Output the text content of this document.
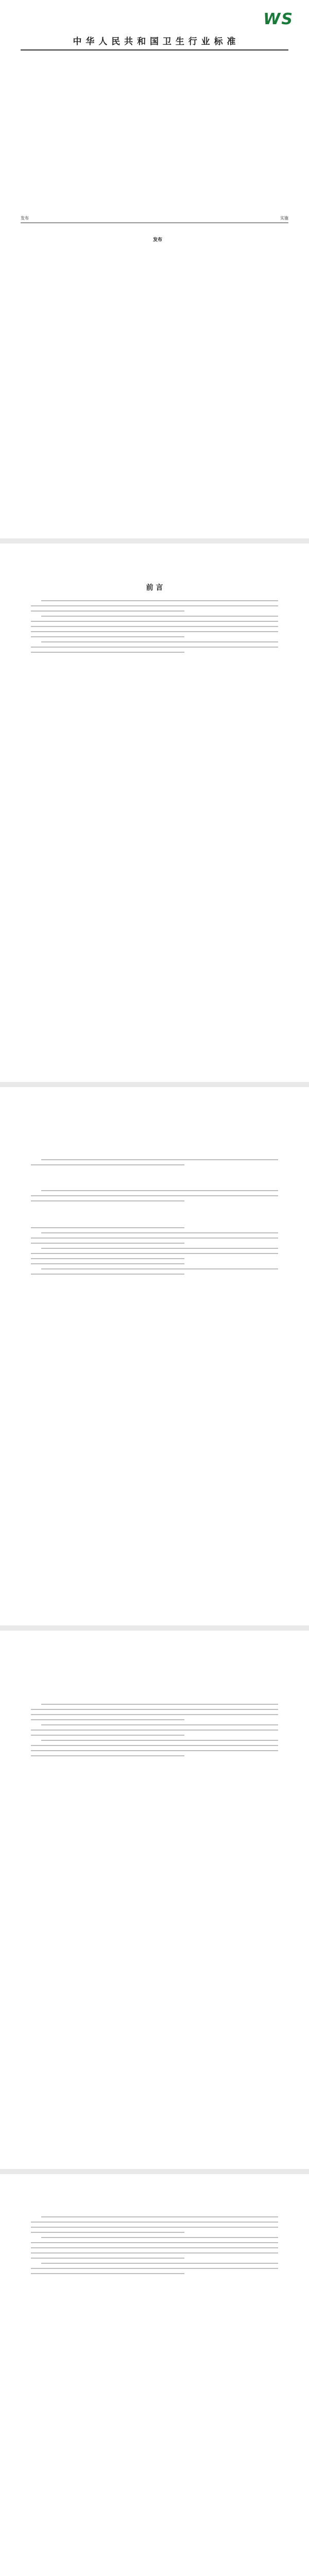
WS
中 华 人 民 共 和 国 卫 生 行 业 标 准
发布	实施
　 发布
前 言
